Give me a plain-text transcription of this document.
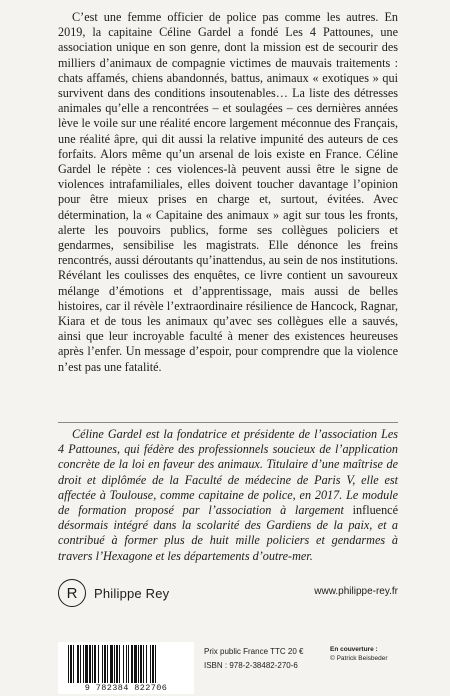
C’est une femme officier de police pas comme les autres. En 2019, la capitaine Céline Gardel a fondé Les 4 Pattounes, une association unique en son genre, dont la mission est de secourir des milliers d’animaux de compagnie victimes de mauvais traitements : chats affamés, chiens abandonnés, battus, animaux « exotiques » qui survivent dans des conditions insoutenables… La liste des détresses animales qu’elle a rencontrées – et soulagées – ces dernières années lève le voile sur une réalité encore largement méconnue des Français, une réalité âpre, qui dit aussi la relative impunité des auteurs de ces forfaits. Alors même qu’un arsenal de lois existe en France. Céline Gardel le répète : ces violences-là peuvent aussi être le signe de violences intrafamiliales, elles doivent toucher davantage l’opinion pour être mieux prises en charge et, surtout, évitées. Avec détermination, la « Capitaine des animaux » agit sur tous les fronts, alerte les pouvoirs publics, forme ses collègues policiers et gendarmes, sensibilise les magistrats. Elle dénonce les freins rencontrés, aussi déroutants qu’inattendus, au sein de nos institutions. Révélant les coulisses des enquêtes, ce livre contient un savoureux mélange d’émotions et d’apprentissage, mais aussi de belles histoires, car il révèle l’extraordinaire résilience de Hancock, Ragnar, Kiara et de tous les animaux qu’avec ses collègues elle a sauvés, ainsi que leur incroyable faculté à mener des existences heureuses après l’enfer. Un message d’espoir, pour comprendre que la violence n’est pas une fatalité.

Céline Gardel est la fondatrice et présidente de l’association Les 4 Pattounes, qui fédère des professionnels soucieux de l’application concrète de la loi en faveur des animaux. Titulaire d’une maîtrise de droit et diplômée de la Faculté de médecine de Paris V, elle est affectée à Toulouse, comme capitaine de police, en 2017. Le module de formation proposé par l’association à largement influencé désormais intégré dans la scolarité des Gardiens de la paix, et a contribué à former plus de huit mille policiers et gendarmes à travers l’Hexagone et les départements d’outre-mer.

R	Philippe Rey	www.philippe-rey.fr
9 782384 822706
Prix public France TTC 20 €
ISBN : 978-2-38482-270-6
En couverture :
© Patrick Beisbeder
